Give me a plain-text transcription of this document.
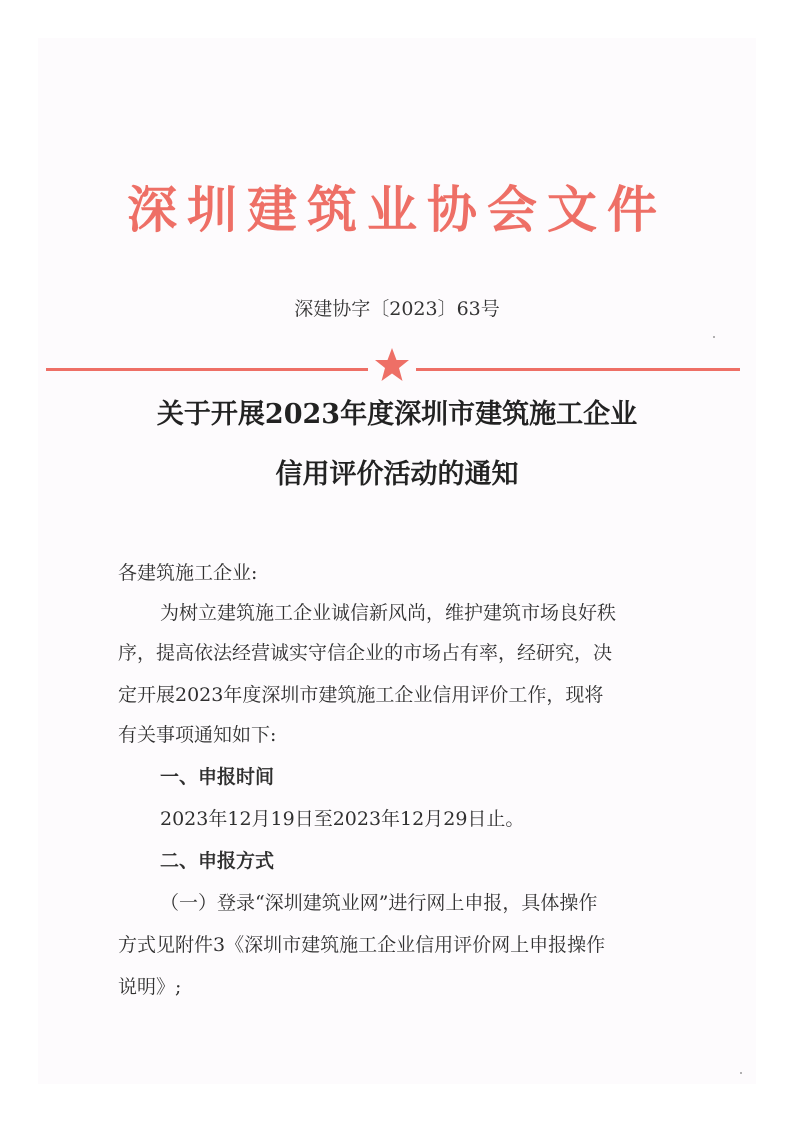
深圳建筑业协会文件
深建协字〔2023〕63号
关于开展2023年度深圳市建筑施工企业
信用评价活动的通知
各建筑施工企业:
为树立建筑施工企业诚信新风尚，维护建筑市场良好秩
序，提高依法经营诚实守信企业的市场占有率，经研究，决
定开展2023年度深圳市建筑施工企业信用评价工作，现将
有关事项通知如下:
一、申报时间
2023年12月19日至2023年12月29日止。
二、申报方式
（一）登录“深圳建筑业网”进行网上申报，具体操作
方式见附件3《深圳市建筑施工企业信用评价网上申报操作
说明》;
